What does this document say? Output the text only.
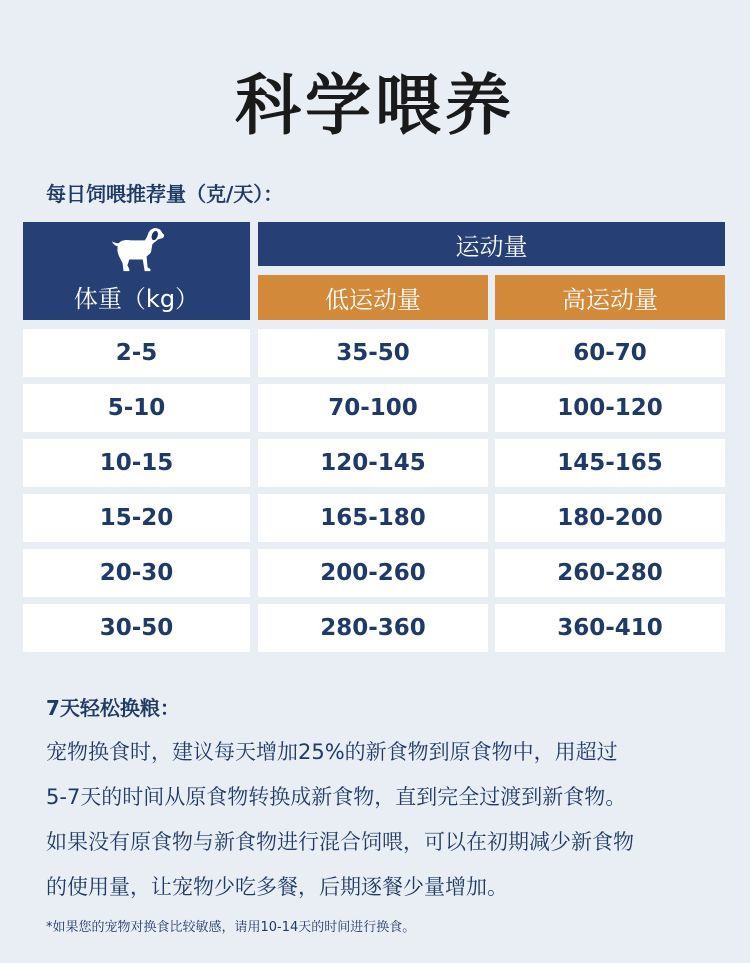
科学喂养
每日饲喂推荐量（克/天）：
体重（kg）
运动量
低运动量	高运动量
2-5	35-50	60-70
5-10	70-100	100-120
10-15	120-145	145-165
15-20	165-180	180-200
20-30	200-260	260-280
30-50	280-360	360-410
7天轻松换粮：
宠物换食时，建议每天增加25%的新食物到原食物中，用超过
5-7天的时间从原食物转换成新食物，直到完全过渡到新食物。
如果没有原食物与新食物进行混合饲喂，可以在初期减少新食物
的使用量，让宠物少吃多餐，后期逐餐少量增加。
*如果您的宠物对换食比较敏感，请用10-14天的时间进行换食。
